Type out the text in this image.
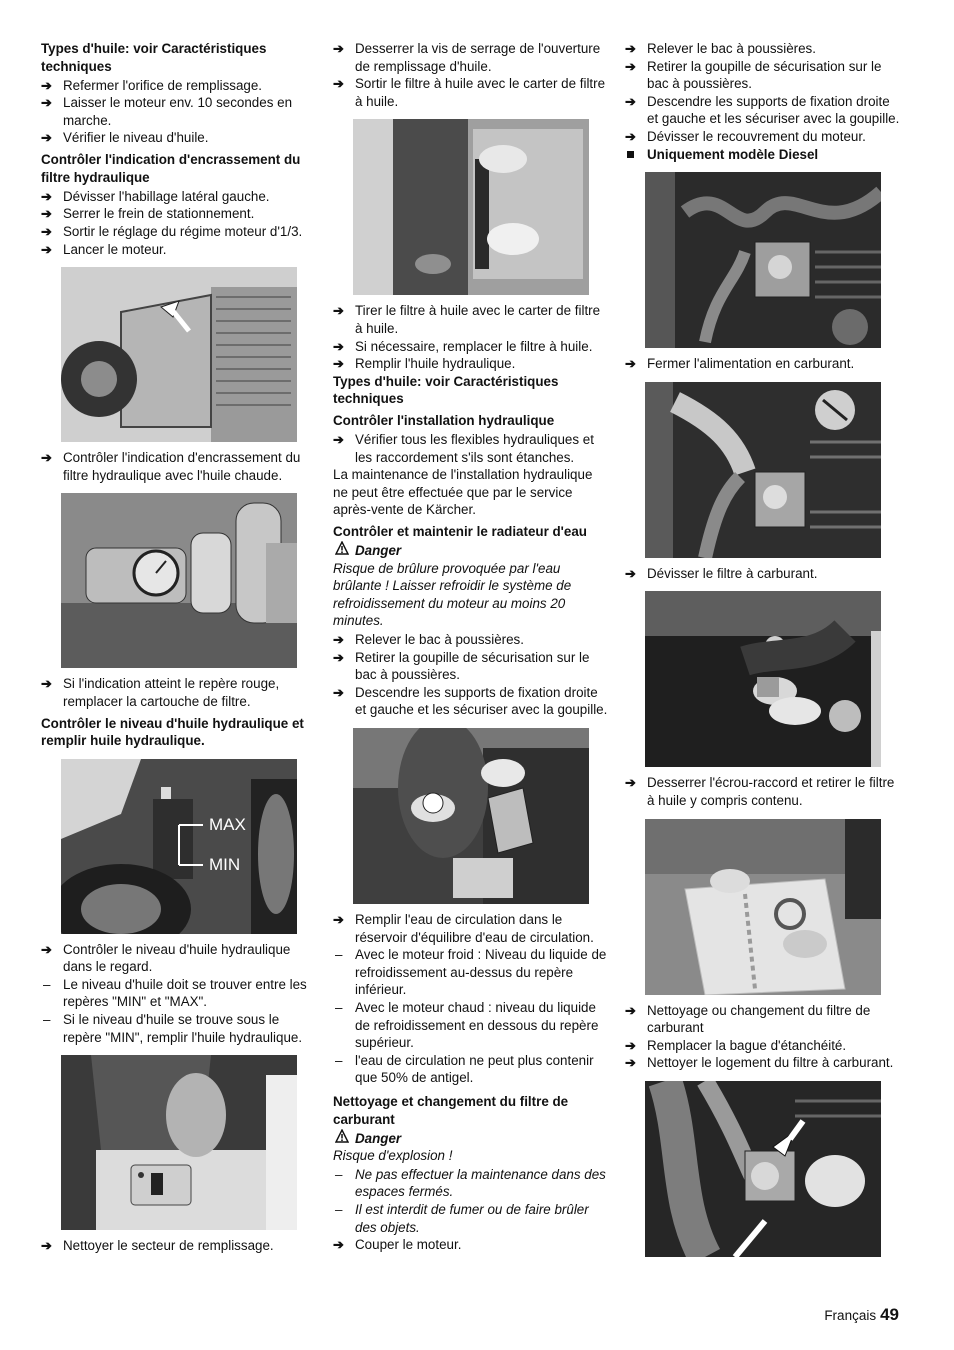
Types d'huile: voir Caractéristiques techniques
➔ Refermer l'orifice de remplissage.
➔ Laisser le moteur env. 10 secondes en marche.
➔ Vérifier le niveau d'huile.
Contrôler l'indication d'encrassement du filtre hydraulique
➔ Dévisser l'habillage latéral gauche.
➔ Serrer le frein de stationnement.
➔ Sortir le réglage du régime moteur d'1/3.
➔ Lancer le moteur.
➔ Contrôler l'indication d'encrassement du filtre hydraulique avec l'huile chaude.
➔ Si l'indication atteint le repère rouge, remplacer la cartouche de filtre.
Contrôler le niveau d'huile hydraulique et remplir huile hydraulique.
MAX
MIN
➔ Contrôler le niveau d'huile hydraulique dans le regard.
– Le niveau d'huile doit se trouver entre les repères "MIN" et "MAX".
– Si le niveau d'huile se trouve sous le repère "MIN", remplir l'huile hydraulique.
➔ Nettoyer le secteur de remplissage.
➔ Desserrer la vis de serrage de l'ouverture de remplissage d'huile.
➔ Sortir le filtre à huile avec le carter de filtre à huile.
➔ Tirer le filtre à huile avec le carter de filtre à huile.
➔ Si nécessaire, remplacer le filtre à huile.
➔ Remplir l'huile hydraulique.
Types d'huile: voir Caractéristiques techniques
Contrôler l'installation hydraulique
➔ Vérifier tous les flexibles hydrauliques et les raccordement s'ils sont étanches.
La maintenance de l'installation hydraulique ne peut être effectuée que par le service après-vente de Kärcher.
Contrôler et maintenir le radiateur d'eau
Danger
Risque de brûlure provoquée par l'eau brûlante ! Laisser refroidir le système de refroidissement du moteur au moins 20 minutes.
➔ Relever le bac à poussières.
➔ Retirer la goupille de sécurisation sur le bac à poussières.
➔ Descendre les supports de fixation droite et gauche et les sécuriser avec la goupille.
➔ Remplir l'eau de circulation dans le réservoir d'équilibre d'eau de circulation.
– Avec le moteur froid : Niveau du liquide de refroidissement au-dessus du repère inférieur.
– Avec le moteur chaud : niveau du liquide de refroidissement en dessous du repère supérieur.
– l'eau de circulation ne peut plus contenir que 50% de antigel.
Nettoyage et changement du filtre de carburant
Danger
Risque d'explosion !
– Ne pas effectuer la maintenance dans des espaces fermés.
– Il est interdit de fumer ou de faire brûler des objets.
➔ Couper le moteur.
➔ Relever le bac à poussières.
➔ Retirer la goupille de sécurisation sur le bac à poussières.
➔ Descendre les supports de fixation droite et gauche et les sécuriser avec la goupille.
➔ Dévisser le recouvrement du moteur.
Uniquement modèle Diesel
➔ Fermer l'alimentation en carburant.
➔ Dévisser le filtre à carburant.
➔ Desserrer l'écrou-raccord et retirer le filtre à huile y compris contenu.
➔ Nettoyage ou changement du filtre de carburant
➔ Remplacer la bague d'étanchéité.
➔ Nettoyer le logement du filtre à carburant.
Français 49
